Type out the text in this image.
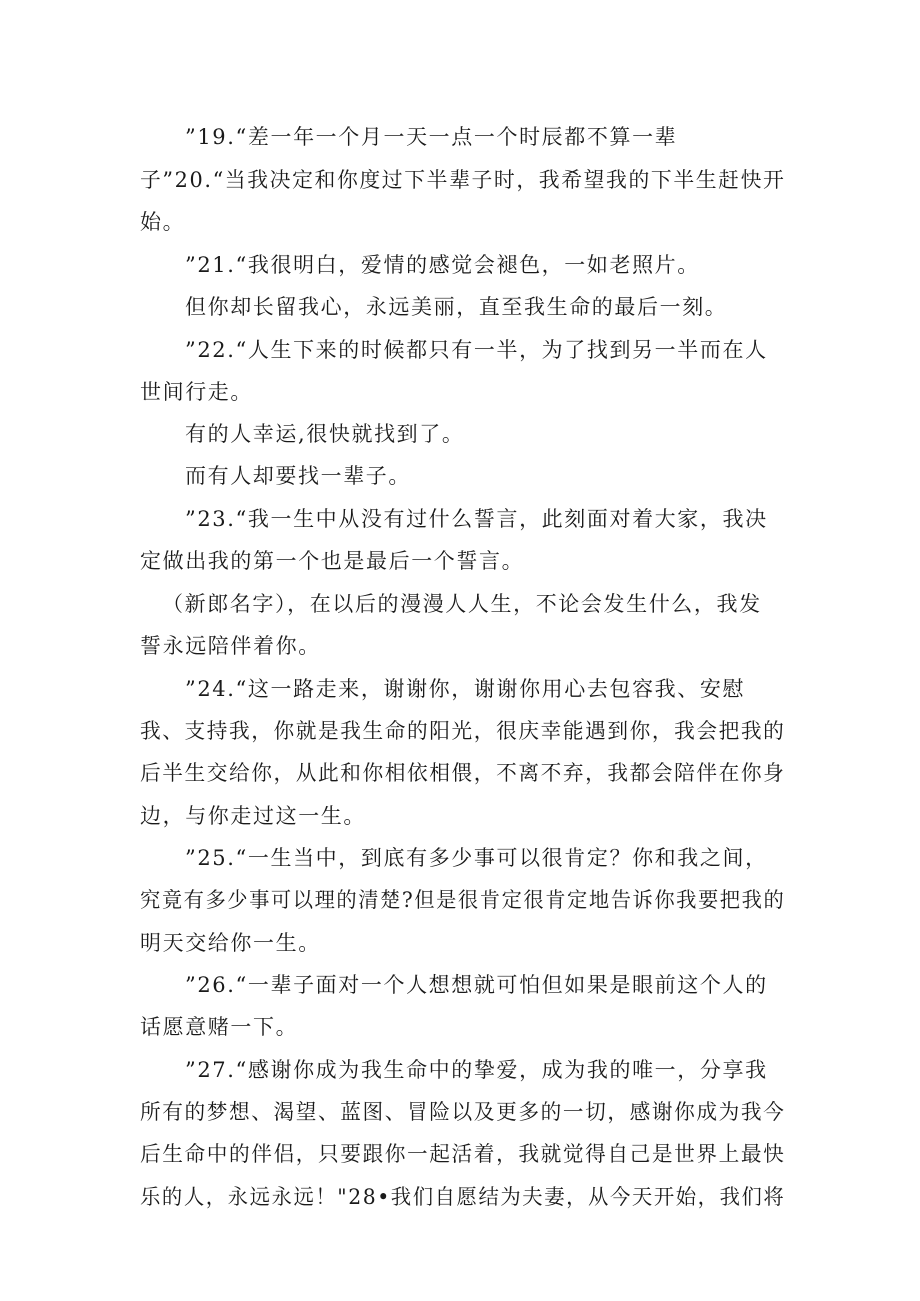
”19.“差一年一个月一天一点一个时辰都不算一辈
子”20.“当我决定和你度过下半辈子时，我希望我的下半生赶快开
始。
”21.“我很明白，爱情的感觉会褪色，一如老照片。
但你却长留我心，永远美丽，直至我生命的最后一刻。
”22.“人生下来的时候都只有一半，为了找到另一半而在人
世间行走。
有的人幸运,很快就找到了。
而有人却要找一辈子。
”23.“我一生中从没有过什么誓言，此刻面对着大家，我决
定做出我的第一个也是最后一个誓言。
（新郎名字），在以后的漫漫人人生，不论会发生什么，我发
誓永远陪伴着你。
”24.“这一路走来，谢谢你，谢谢你用心去包容我、安慰
我、支持我，你就是我生命的阳光，很庆幸能遇到你，我会把我的
后半生交给你，从此和你相依相偎，不离不弃，我都会陪伴在你身
边，与你走过这一生。
”25.“一生当中，到底有多少事可以很肯定？你和我之间，
究竟有多少事可以理的清楚?但是很肯定很肯定地告诉你我要把我的
明天交给你一生。
”26.“一辈子面对一个人想想就可怕但如果是眼前这个人的
话愿意赌一下。
”27.“感谢你成为我生命中的挚爱，成为我的唯一，分享我
所有的梦想、渴望、蓝图、冒险以及更多的一切，感谢你成为我今
后生命中的伴侣，只要跟你一起活着，我就觉得自己是世界上最快
乐的人，永远永远！"28•我们自愿结为夫妻，从今天开始，我们将
